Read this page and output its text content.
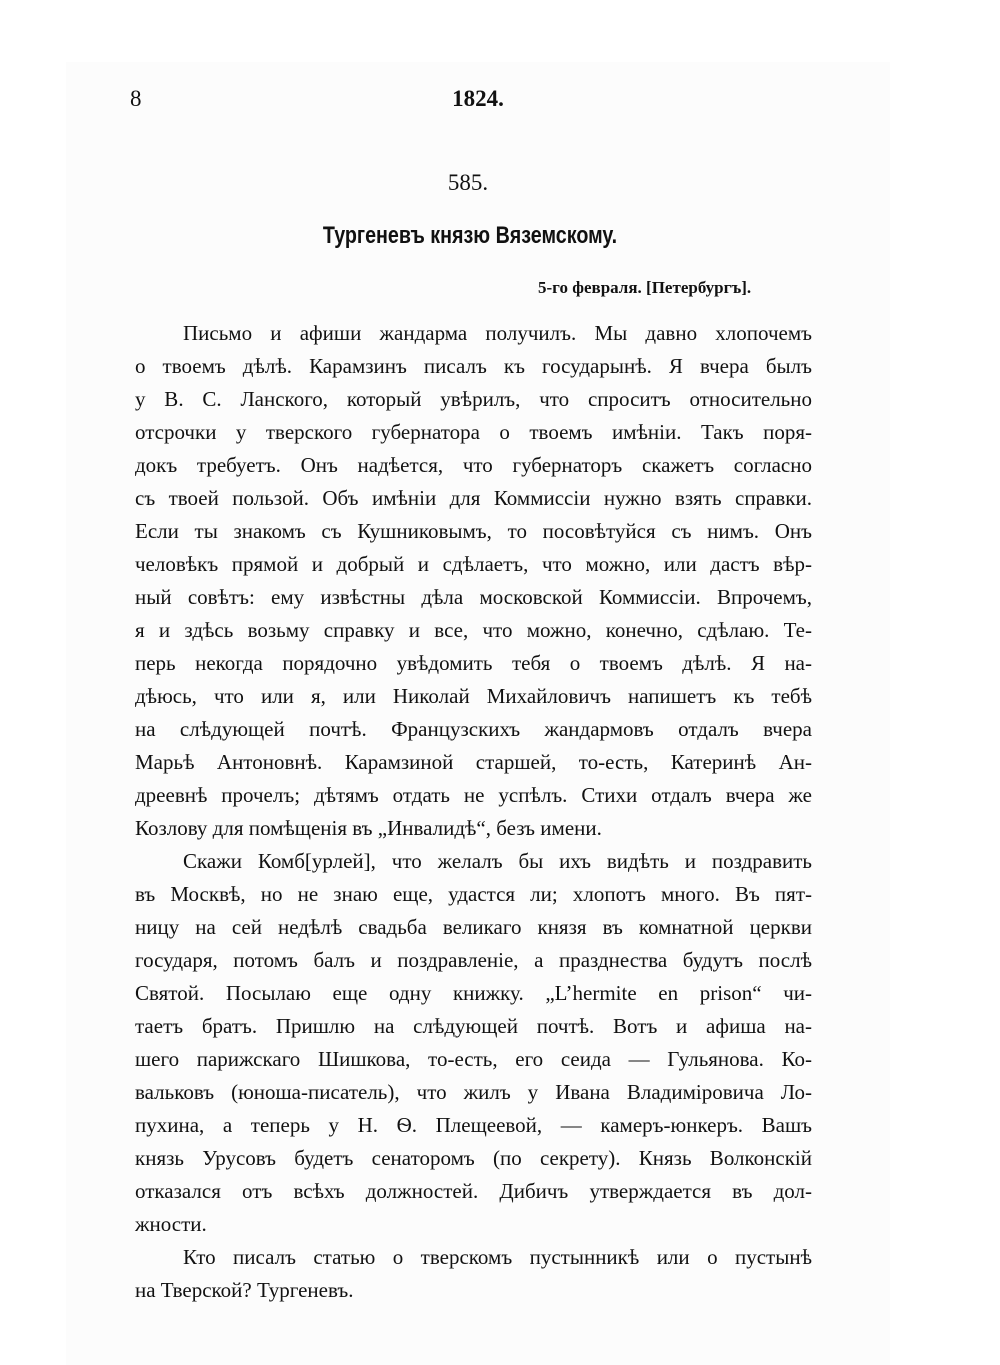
8	1824.
585.
Тургеневъ князю Вяземскому.
5-го февраля. [Петербургъ].
Письмо и афиши жандарма получилъ. Мы давно хлопочемъ
о твоемъ дѣлѣ. Карамзинъ писалъ къ государынѣ. Я вчера былъ
у В. С. Ланского, который увѣрилъ, что спроситъ относительно
отсрочки у тверского губернатора о твоемъ имѣніи. Такъ поря-
докъ требуетъ. Онъ надѣется, что губернаторъ скажетъ согласно
съ твоей пользой. Объ имѣніи для Коммиссіи нужно взять справки.
Если ты знакомъ съ Кушниковымъ, то посовѣтуйся съ нимъ. Онъ
человѣкъ прямой и добрый и сдѣлаетъ, что можно, или дастъ вѣр-
ный совѣтъ: ему извѣстны дѣла московской Коммиссіи. Впрочемъ,
я и здѣсь возьму справку и все, что можно, конечно, сдѣлаю. Те-
перь некогда порядочно увѣдомить тебя о твоемъ дѣлѣ. Я на-
дѣюсь, что или я, или Николай Михайловичъ напишетъ къ тебѣ
на слѣдующей почтѣ. Французскихъ жандармовъ отдалъ вчера
Марьѣ Антоновнѣ. Карамзиной старшей, то-есть, Катеринѣ Ан-
дреевнѣ прочелъ; дѣтямъ отдать не успѣлъ. Стихи отдалъ вчера же
Козлову для помѣщенія въ „Инвалидѣ“, безъ имени.
Скажи Комб[урлей], что желалъ бы ихъ видѣть и поздравить
въ Москвѣ, но не знаю еще, удастся ли; хлопотъ много. Въ пят-
ницу на сей недѣлѣ свадьба великаго князя въ комнатной церкви
государя, потомъ балъ и поздравленіе, а празднества будутъ послѣ
Святой. Посылаю еще одну книжку. „L’hermite en prison“ чи-
таетъ братъ. Пришлю на слѣдующей почтѣ. Вотъ и афиша на-
шего парижскаго Шишкова, то-есть, его сеида — Гульянова. Ко-
вальковъ (юноша-писатель), что жилъ у Ивана Владиміровича Ло-
пухина, а теперь у Н. Ѳ. Плещеевой, — камеръ-юнкеръ. Вашъ
князь Урусовъ будетъ сенаторомъ (по секрету). Князь Волконскій
отказался отъ всѣхъ должностей. Дибичъ утверждается въ дол-
жности.
Кто писалъ статью о тверскомъ пустынникѣ или о пустынѣ
на Тверской? Тургеневъ.
